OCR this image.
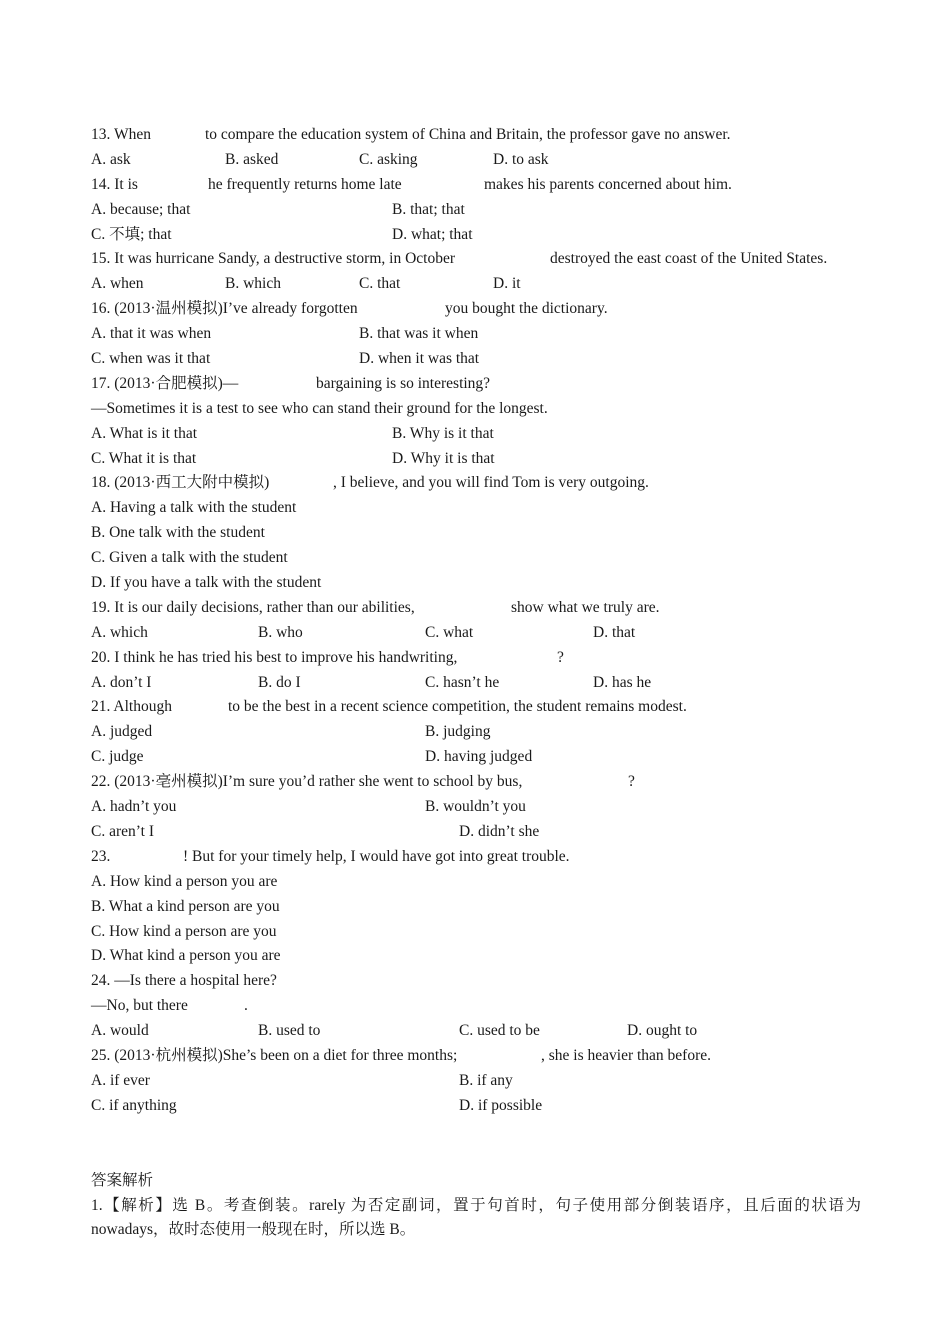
13. When	to compare the education system of China and Britain, the professor gave no answer.
A. ask	B. asked	C. asking	D. to ask
14. It is	he frequently returns home late	makes his parents concerned about him.
A. because; that	B. that; that
C. 不填; that	D. what; that
15. It was hurricane Sandy, a destructive storm, in October	destroyed the east coast of the United States.
A. when	B. which	C. that	D. it
16. (2013·温州模拟)I’ve already forgotten	you bought the dictionary.
A. that it was when	B. that was it when
C. when was it that	D. when it was that
17. (2013·合肥模拟)—	bargaining is so interesting?
—Sometimes it is a test to see who can stand their ground for the longest.
A. What is it that	B. Why is it that
C. What it is that	D. Why it is that
18. (2013·西工大附中模拟)	, I believe, and you will find Tom is very outgoing.
A. Having a talk with the student
B. One talk with the student
C. Given a talk with the student
D. If you have a talk with the student
19. It is our daily decisions, rather than our abilities,	show what we truly are.
A. which	B. who	C. what	D. that
20. I think he has tried his best to improve his handwriting,	?
A. don’t I	B. do I	C. hasn’t he	D. has he
21. Although	to be the best in a recent science competition, the student remains modest.
A. judged	B. judging
C. judge	D. having judged
22. (2013·亳州模拟)I’m sure you’d rather she went to school by bus,	?
A. hadn’t you	B. wouldn’t you
C. aren’t I	D. didn’t she
23.	! But for your timely help, I would have got into great trouble.
A. How kind a person you are
B. What a kind person are you
C. How kind a person are you
D. What kind a person you are
24. —Is there a hospital here?
—No, but there	.
A. would	B. used to	C. used to be	D. ought to
25. (2013·杭州模拟)She’s been on a diet for three months;	, she is heavier than before.
A. if ever	B. if any
C. if anything	D. if possible
答案解析
1.【解析】选 B。考查倒装。rarely 为否定副词，置于句首时，句子使用部分倒装语序，且后面的状语为 nowadays，故时态使用一般现在时，所以选 B。
